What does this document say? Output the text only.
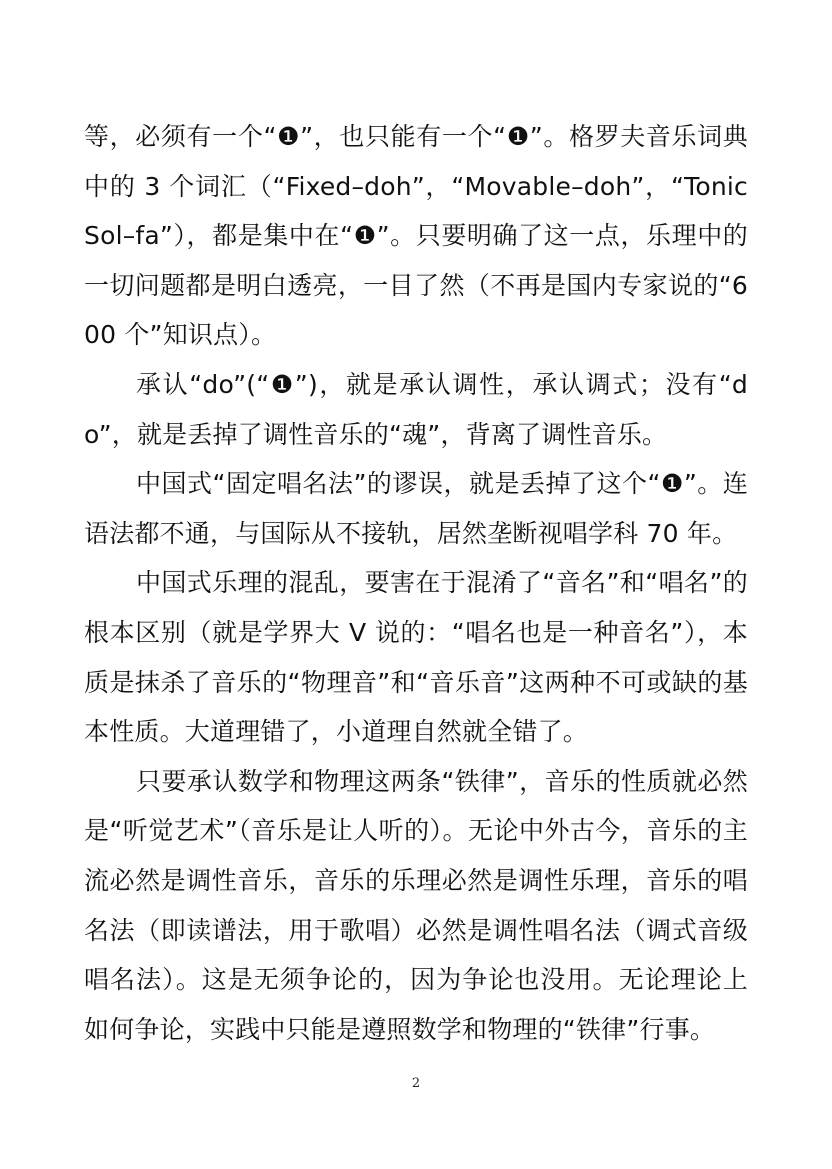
等，必须有一个“❶”，也只能有一个“❶”。格罗夫音乐词典中的 3 个词汇（“Fixed–doh”，“Movable–doh”，“Tonic Sol–fa”），都是集中在“❶”。只要明确了这一点，乐理中的一切问题都是明白透亮，一目了然（不再是国内专家说的“600 个”知识点）。

承认“do”(“❶”)，就是承认调性，承认调式；没有“do”，就是丢掉了调性音乐的“魂”，背离了调性音乐。

中国式“固定唱名法”的谬误，就是丢掉了这个“❶”。连语法都不通，与国际从不接轨，居然垄断视唱学科 70 年。

中国式乐理的混乱，要害在于混淆了“音名”和“唱名”的根本区别（就是学界大 V 说的：“唱名也是一种音名”），本质是抹杀了音乐的“物理音”和“音乐音”这两种不可或缺的基本性质。大道理错了，小道理自然就全错了。

只要承认数学和物理这两条“铁律”，音乐的性质就必然是“听觉艺术”（音乐是让人听的）。无论中外古今，音乐的主流必然是调性音乐，音乐的乐理必然是调性乐理，音乐的唱名法（即读谱法，用于歌唱）必然是调性唱名法（调式音级唱名法）。这是无须争论的，因为争论也没用。无论理论上如何争论，实践中只能是遵照数学和物理的“铁律”行事。

2
